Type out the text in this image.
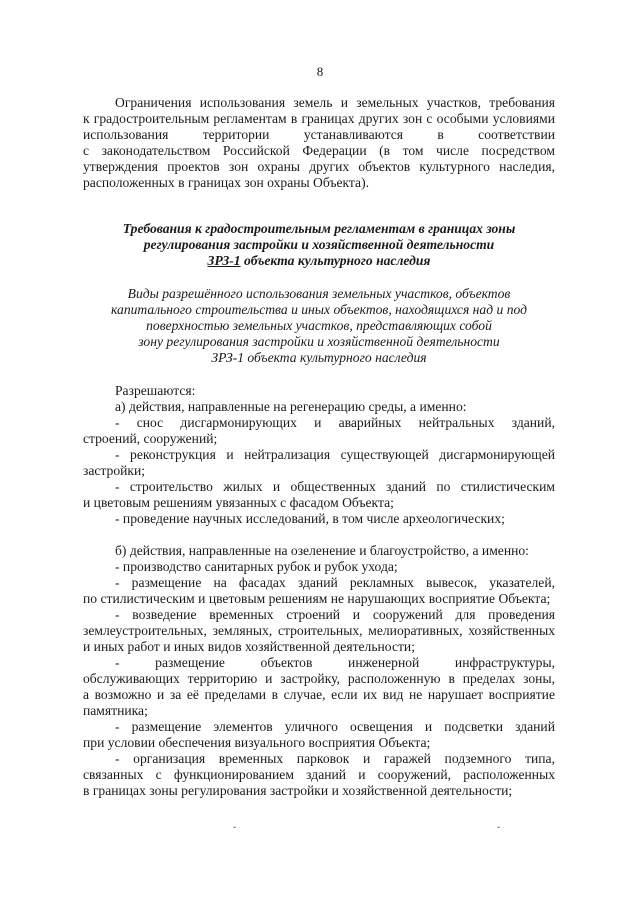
8

Ограничения использования земель и земельных участков, требования

к градостроительным регламентам в границах других зон с особыми условиями

использования территории устанавливаются в соответствии

с законодательством Российской Федерации (в том числе посредством

утверждения проектов зон охраны других объектов культурного наследия,

расположенных в границах зон охраны Объекта).

Требования к градостроительным регламентам в границах зоны

регулирования застройки и хозяйственной деятельности

ЗРЗ-1 объекта культурного наследия

Виды разрешённого использования земельных участков, объектов

капитального строительства и иных объектов, находящихся над и под

поверхностью земельных участков, представляющих собой

зону регулирования застройки и хозяйственной деятельности

ЗРЗ-1 объекта культурного наследия

Разрешаются:

а) действия, направленные на регенерацию среды, а именно:

- снос дисгармонирующих и аварийных нейтральных зданий,

строений, сооружений;

- реконструкция и нейтрализация существующей дисгармонирующей

застройки;

- строительство жилых и общественных зданий по стилистическим

и цветовым решениям увязанных с фасадом Объекта;

- проведение научных исследований, в том числе археологических;

б) действия, направленные на озеленение и благоустройство, а именно:

- производство санитарных рубок и рубок ухода;

- размещение на фасадах зданий рекламных вывесок, указателей,

по стилистическим и цветовым решениям не нарушающих восприятие Объекта;

- возведение временных строений и сооружений для проведения

землеустроительных, земляных, строительных, мелиоративных, хозяйственных

и иных работ и иных видов хозяйственной деятельности;

- размещение объектов инженерной инфраструктуры,

обслуживающих территорию и застройку, расположенную в пределах зоны,

а возможно и за её пределами в случае, если их вид не нарушает восприятие

памятника;

- размещение элементов уличного освещения и подсветки зданий

при условии обеспечения визуального восприятия Объекта;

- организация временных парковок и гаражей подземного типа,

связанных с функционированием зданий и сооружений, расположенных

в границах зоны регулирования застройки и хозяйственной деятельности;

ˇ	ˇ
